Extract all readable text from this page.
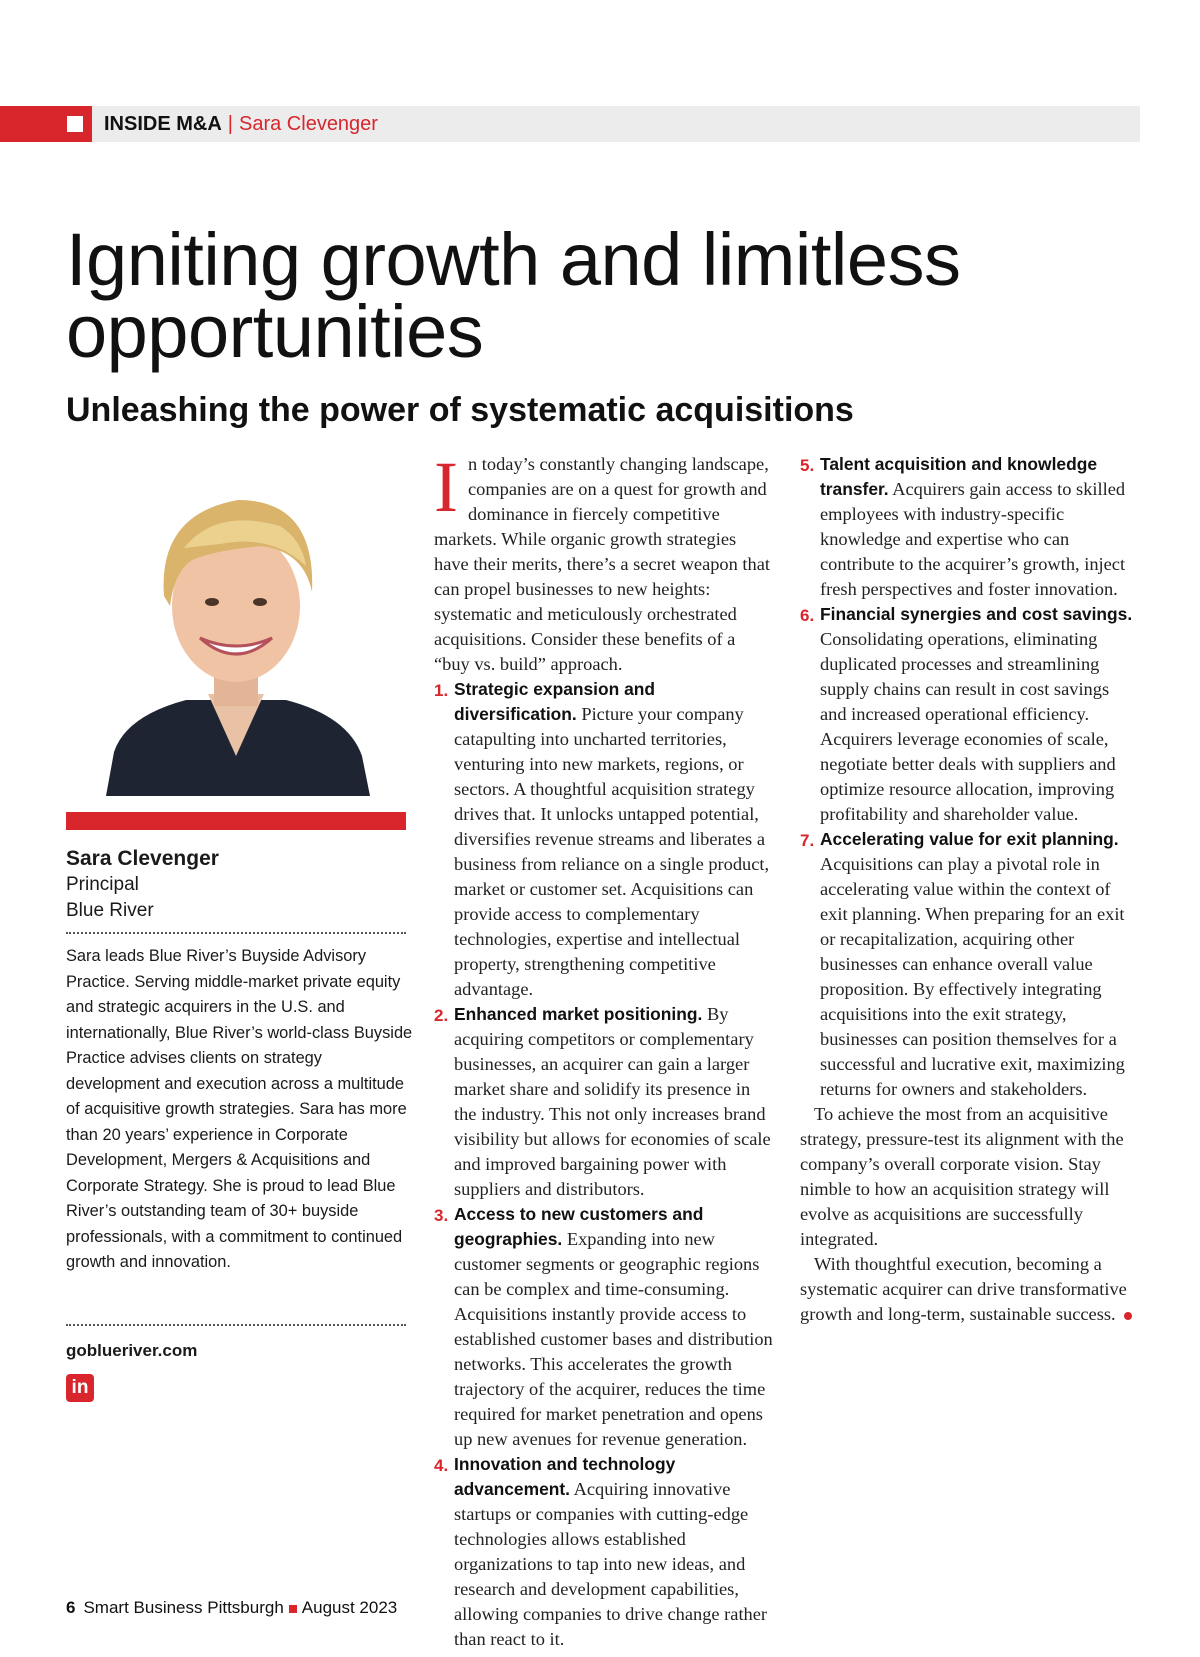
INSIDE M&A | Sara Clevenger
Igniting growth and limitless opportunities
Unleashing the power of systematic acquisitions
Sara Clevenger
Principal
Blue River

Sara leads Blue River’s Buyside Advisory Practice. Serving middle-market private equity and strategic acquirers in the U.S. and internationally, Blue River’s world-class Buyside Practice advises clients on strategy development and execution across a multitude of acquisitive growth strategies. Sara has more than 20 years’ experience in Corporate Development, Mergers & Acquisitions and Corporate Strategy. She is proud to lead Blue River’s outstanding team of 30+ buyside professionals, with a commitment to continued growth and innovation.

goblueriver.com
in

In today’s constantly changing landscape, companies are on a quest for growth and dominance in fiercely competitive markets. While organic growth strategies have their merits, there’s a secret weapon that can propel businesses to new heights: systematic and meticulously orchestrated acquisitions. Consider these benefits of a “buy vs. build” approach.

1. Strategic expansion and diversification. Picture your company catapulting into uncharted territories, venturing into new markets, regions, or sectors. A thoughtful acquisition strategy drives that. It unlocks untapped potential, diversifies revenue streams and liberates a business from reliance on a single product, market or customer set. Acquisitions can provide access to complementary technologies, expertise and intellectual property, strengthening competitive advantage.

2. Enhanced market positioning. By acquiring competitors or complementary businesses, an acquirer can gain a larger market share and solidify its presence in the industry. This not only increases brand visibility but allows for economies of scale and improved bargaining power with suppliers and distributors.

3. Access to new customers and geographies. Expanding into new customer segments or geographic regions can be complex and time-consuming. Acquisitions instantly provide access to established customer bases and distribution networks. This accelerates the growth trajectory of the acquirer, reduces the time required for market penetration and opens up new avenues for revenue generation.

4. Innovation and technology advancement. Acquiring innovative startups or companies with cutting-edge technologies allows established organizations to tap into new ideas, and research and development capabilities, allowing companies to drive change rather than react to it.

5. Talent acquisition and knowledge transfer. Acquirers gain access to skilled employees with industry-specific knowledge and expertise who can contribute to the acquirer’s growth, inject fresh perspectives and foster innovation.

6. Financial synergies and cost savings. Consolidating operations, eliminating duplicated processes and streamlining supply chains can result in cost savings and increased operational efficiency. Acquirers leverage economies of scale, negotiate better deals with suppliers and optimize resource allocation, improving profitability and shareholder value.

7. Accelerating value for exit planning. Acquisitions can play a pivotal role in accelerating value within the context of exit planning. When preparing for an exit or recapitalization, acquiring other businesses can enhance overall value proposition. By effectively integrating acquisitions into the exit strategy, businesses can position themselves for a successful and lucrative exit, maximizing returns for owners and stakeholders.

To achieve the most from an acquisitive strategy, pressure-test its alignment with the company’s overall corporate vision. Stay nimble to how an acquisition strategy will evolve as acquisitions are successfully integrated.

With thoughtful execution, becoming a systematic acquirer can drive transformative growth and long-term, sustainable success.

6 Smart Business Pittsburgh August 2023
